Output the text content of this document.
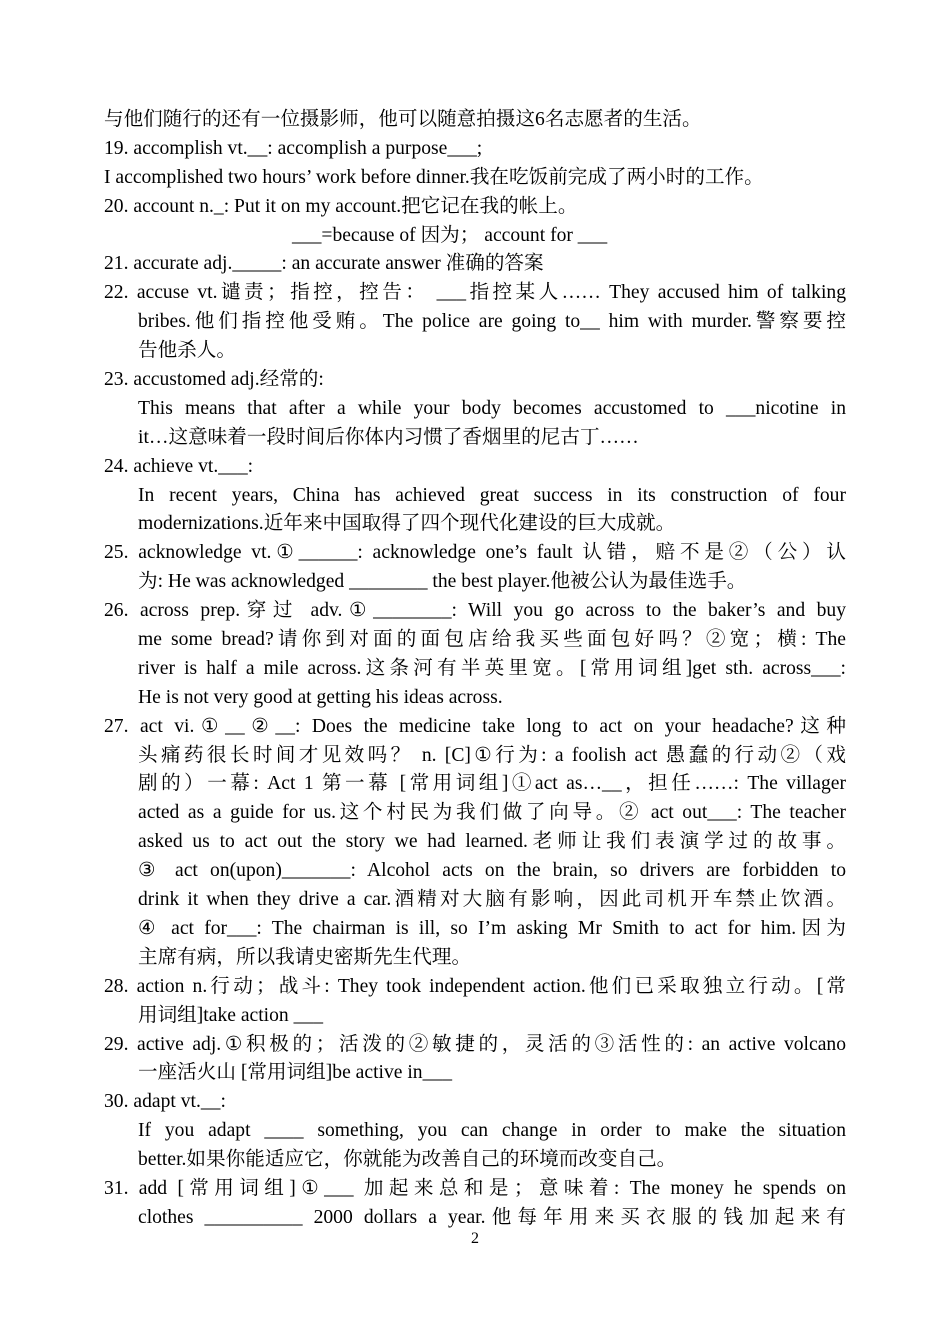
与他们随行的还有一位摄影师，他可以随意拍摄这6名志愿者的生活。
19. accomplish vt.__: accomplish a purpose___;
I accomplished two hours’ work before dinner.我在吃饭前完成了两小时的工作。
20. account n._: Put it on my account.把它记在我的帐上。
___=because of 因为； account for ___
21. accurate adj._____: an accurate answer 准确的答案
22. accuse vt.谴责；指控，控告： ___指控某人…… They accused him of talking
bribes.他们指控他受贿。The police are going to__ him with murder.警察要控
告他杀人。
23. accustomed adj.经常的:
This means that after a while your body becomes accustomed to ___nicotine in
it…这意味着一段时间后你体内习惯了香烟里的尼古丁……
24. achieve vt.___:
In recent years, China has achieved great success in its construction of four
modernizations.近年来中国取得了四个现代化建设的巨大成就。
25. acknowledge vt.①______: acknowledge one’s fault 认错，赔不是②（公）认
为: He was acknowledged ________ the best player.他被公认为最佳选手。
26. across prep.穿过 adv.①________: Will you go across to the baker’s and buy
me some bread?请你到对面的面包店给我买些面包好吗？②宽；横: The
river is half a mile across.这条河有半英里宽。[常用词组]get sth. across___:
He is not very good at getting his ideas across.
27. act vi.①__②__: Does the medicine take long to act on your headache?这种
头痛药很长时间才见效吗？ n. [C]①行为: a foolish act 愚蠢的行动②（戏
剧的）一幕: Act 1 第一幕 [常用词组]①act as…__，担任……: The villager
acted as a guide for us.这个村民为我们做了向导。② act out___: The teacher
asked us to act out the story we had learned.老师让我们表演学过的故事。
③ act on(upon)_______: Alcohol acts on the brain, so drivers are forbidden to
drink it when they drive a car.酒精对大脑有影响，因此司机开车禁止饮酒。
④ act for___: The chairman is ill, so I’m asking Mr Smith to act for him.因为
主席有病，所以我请史密斯先生代理。
28. action n.行动；战斗: They took independent action.他们已采取独立行动。[常
用词组]take action ___
29. active adj.①积极的；活泼的②敏捷的，灵活的③活性的: an active volcano
一座活火山 [常用词组]be active in___
30. adapt vt.__:
If you adapt ____ something, you can change in order to make the situation
better.如果你能适应它，你就能为改善自己的环境而改变自己。
31. add [常用词组]①___ 加起来总和是；意味着: The money he spends on
clothes __________ 2000 dollars a year.他每年用来买衣服的钱加起来有
2
